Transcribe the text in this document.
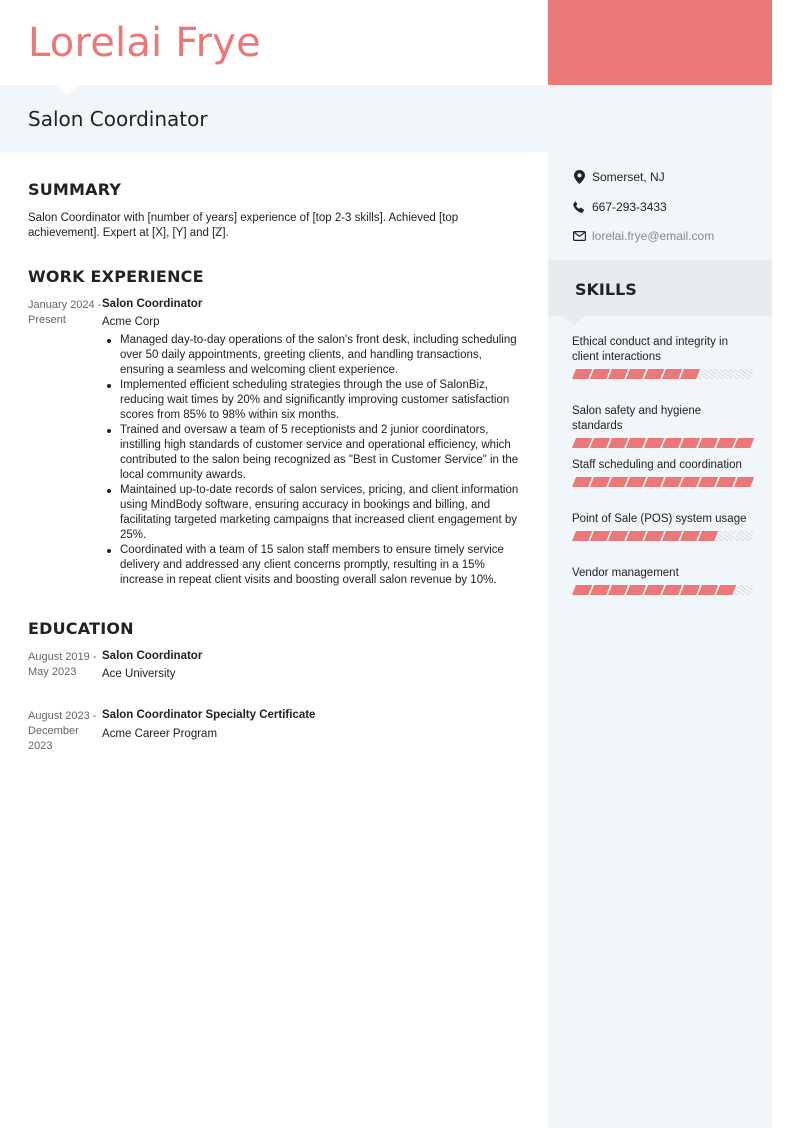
Lorelai Frye
Salon Coordinator
Somerset, NJ
667-293-3433
lorelai.frye@email.com
SKILLS
Ethical conduct and integrity in client interactions
Salon safety and hygiene standards
Staff scheduling and coordination
Point of Sale (POS) system usage
Vendor management
SUMMARY
Salon Coordinator with [number of years] experience of [top 2-3 skills]. Achieved [top achievement]. Expert at [X], [Y] and [Z].
WORK EXPERIENCE
January 2024 - Present
Salon Coordinator
Acme Corp
Managed day-to-day operations of the salon's front desk, including scheduling over 50 daily appointments, greeting clients, and handling transactions, ensuring a seamless and welcoming client experience.
Implemented efficient scheduling strategies through the use of SalonBiz, reducing wait times by 20% and significantly improving customer satisfaction scores from 85% to 98% within six months.
Trained and oversaw a team of 5 receptionists and 2 junior coordinators, instilling high standards of customer service and operational efficiency, which contributed to the salon being recognized as "Best in Customer Service" in the local community awards.
Maintained up-to-date records of salon services, pricing, and client information using MindBody software, ensuring accuracy in bookings and billing, and facilitating targeted marketing campaigns that increased client engagement by 25%.
Coordinated with a team of 15 salon staff members to ensure timely service delivery and addressed any client concerns promptly, resulting in a 15% increase in repeat client visits and boosting overall salon revenue by 10%.
EDUCATION
August 2019 - May 2023
Salon Coordinator
Ace University
August 2023 - December 2023
Salon Coordinator Specialty Certificate
Acme Career Program
